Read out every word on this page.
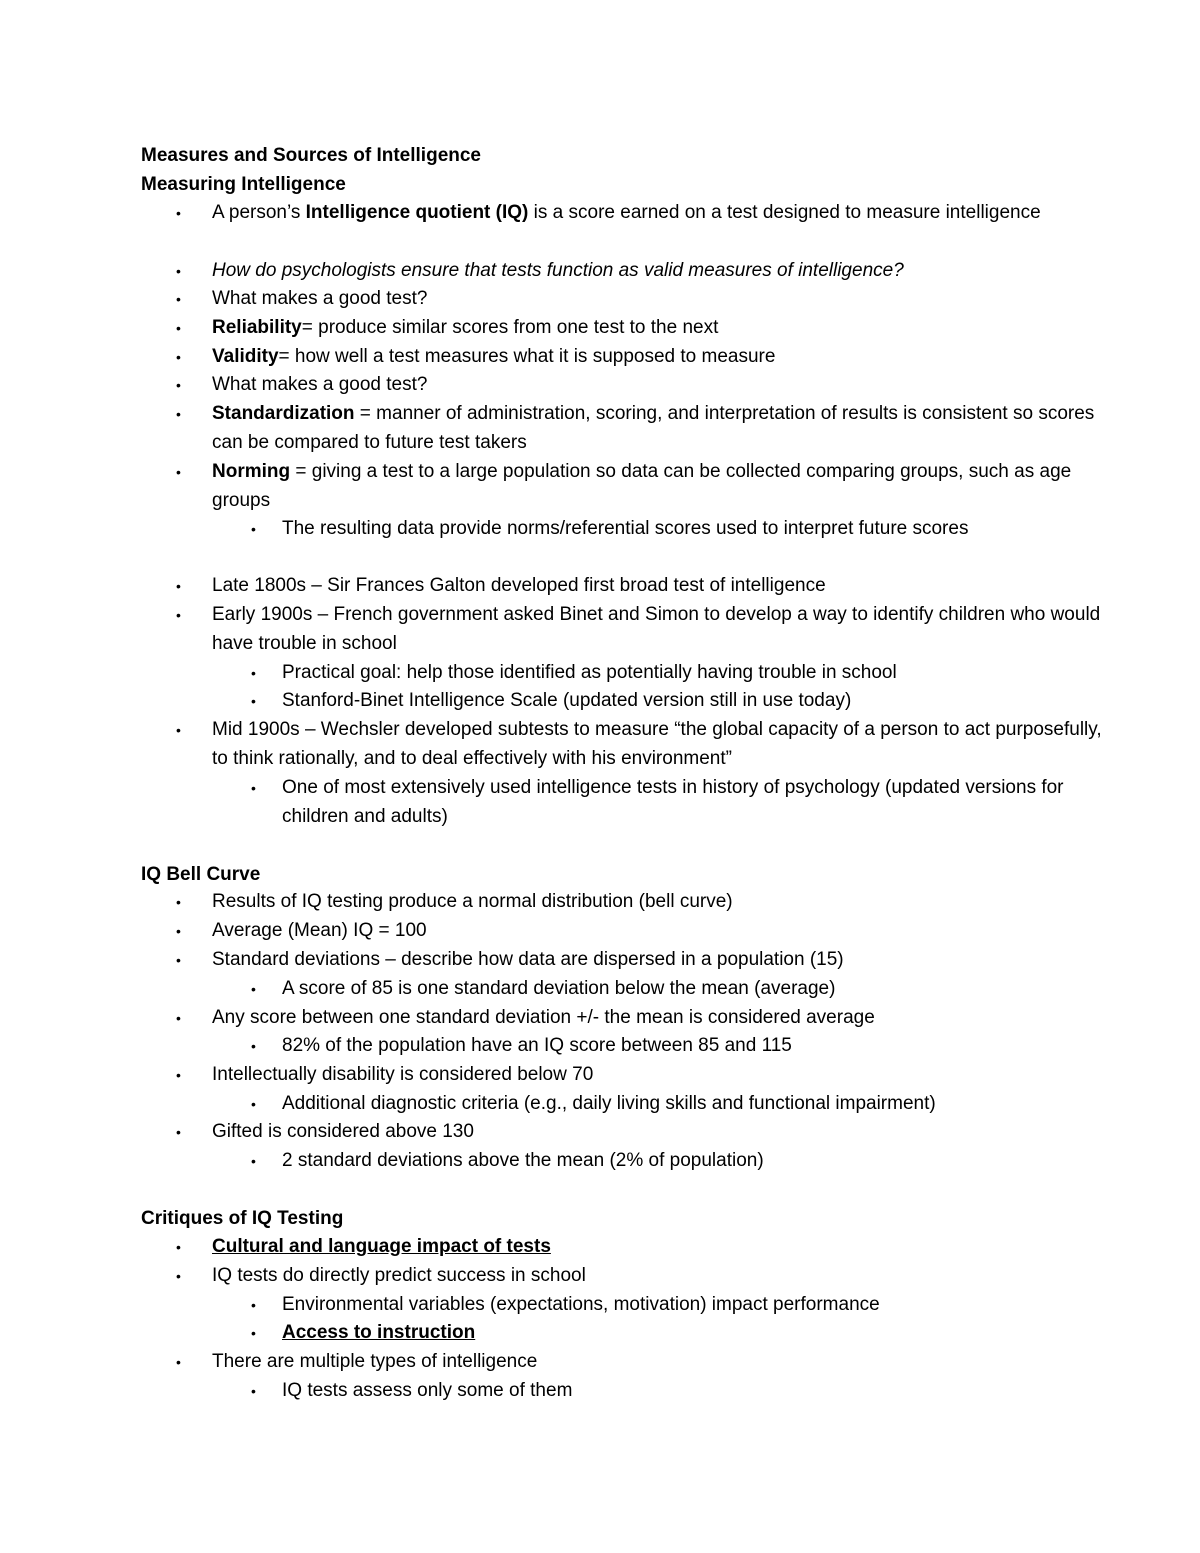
Measures and Sources of Intelligence
Measuring Intelligence
• A person’s Intelligence quotient (IQ) is a score earned on a test designed to measure intelligence
• How do psychologists ensure that tests function as valid measures of intelligence?
• What makes a good test?
• Reliability= produce similar scores from one test to the next
• Validity= how well a test measures what it is supposed to measure
• What makes a good test?
• Standardization = manner of administration, scoring, and interpretation of results is consistent so scores can be compared to future test takers
• Norming = giving a test to a large population so data can be collected comparing groups, such as age groups
• The resulting data provide norms/referential scores used to interpret future scores
• Late 1800s – Sir Frances Galton developed first broad test of intelligence
• Early 1900s – French government asked Binet and Simon to develop a way to identify children who would have trouble in school
• Practical goal: help those identified as potentially having trouble in school
• Stanford-Binet Intelligence Scale (updated version still in use today)
• Mid 1900s – Wechsler developed subtests to measure “the global capacity of a person to act purposefully, to think rationally, and to deal effectively with his environment”
• One of most extensively used intelligence tests in history of psychology (updated versions for children and adults)
IQ Bell Curve
• Results of IQ testing produce a normal distribution (bell curve)
• Average (Mean) IQ = 100
• Standard deviations – describe how data are dispersed in a population (15)
• A score of 85 is one standard deviation below the mean (average)
• Any score between one standard deviation +/- the mean is considered average
• 82% of the population have an IQ score between 85 and 115
• Intellectually disability is considered below 70
• Additional diagnostic criteria (e.g., daily living skills and functional impairment)
• Gifted is considered above 130
• 2 standard deviations above the mean (2% of population)
Critiques of IQ Testing
• Cultural and language impact of tests
• IQ tests do directly predict success in school
• Environmental variables (expectations, motivation) impact performance
• Access to instruction
• There are multiple types of intelligence
• IQ tests assess only some of them
